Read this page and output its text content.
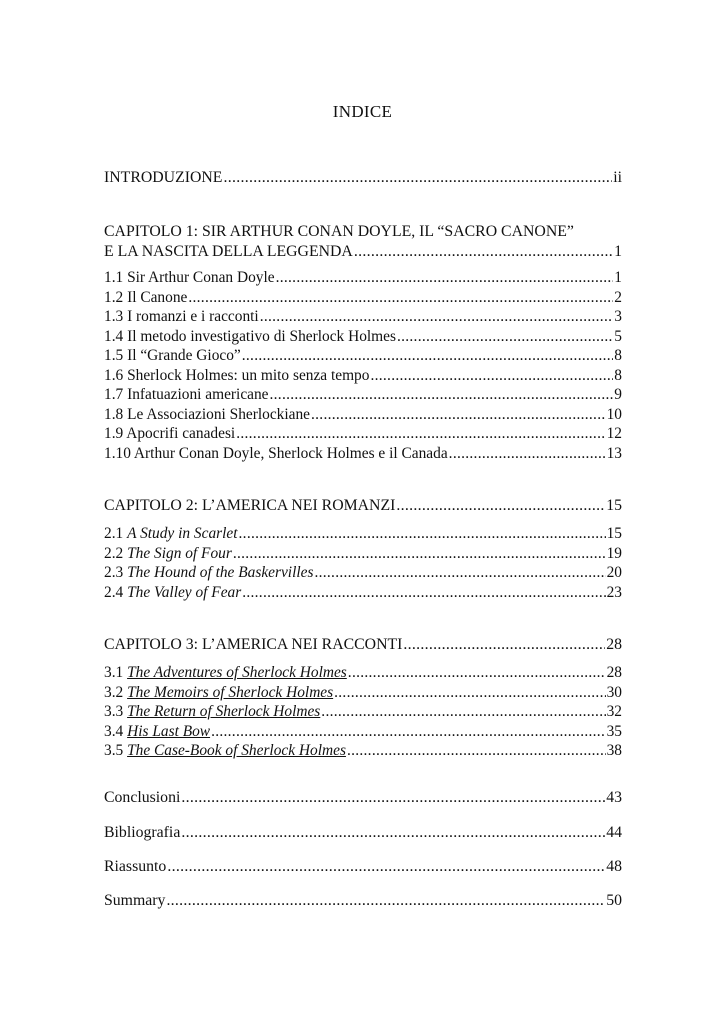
INDICE
INTRODUZIONE .....	ii
CAPITOLO 1: SIR ARTHUR CONAN DOYLE, IL “SACRO CANONE”
E LA NASCITA DELLA LEGGENDA .....	1
1.1 Sir Arthur Conan Doyle .....	1
1.2 Il Canone .....	2
1.3 I romanzi e i racconti .....	3
1.4 Il metodo investigativo di Sherlock Holmes .....	5
1.5 Il “Grande Gioco” .....	8
1.6 Sherlock Holmes: un mito senza tempo .....	8
1.7 Infatuazioni americane .....	9
1.8 Le Associazioni Sherlockiane .....	10
1.9 Apocrifi canadesi .....	12
1.10 Arthur Conan Doyle, Sherlock Holmes e il Canada .....	13
CAPITOLO 2: L’AMERICA NEI ROMANZI .....	15
2.1 A Study in Scarlet .....	15
2.2 The Sign of Four .....	19
2.3 The Hound of the Baskervilles .....	20
2.4 The Valley of Fear .....	23
CAPITOLO 3: L’AMERICA NEI RACCONTI .....	28
3.1 The Adventures of Sherlock Holmes .....	28
3.2 The Memoirs of Sherlock Holmes .....	30
3.3 The Return of Sherlock Holmes .....	32
3.4 His Last Bow .....	35
3.5 The Case-Book of Sherlock Holmes .....	38
Conclusioni .....	43
Bibliografia .....	44
Riassunto .....	48
Summary .....	50
